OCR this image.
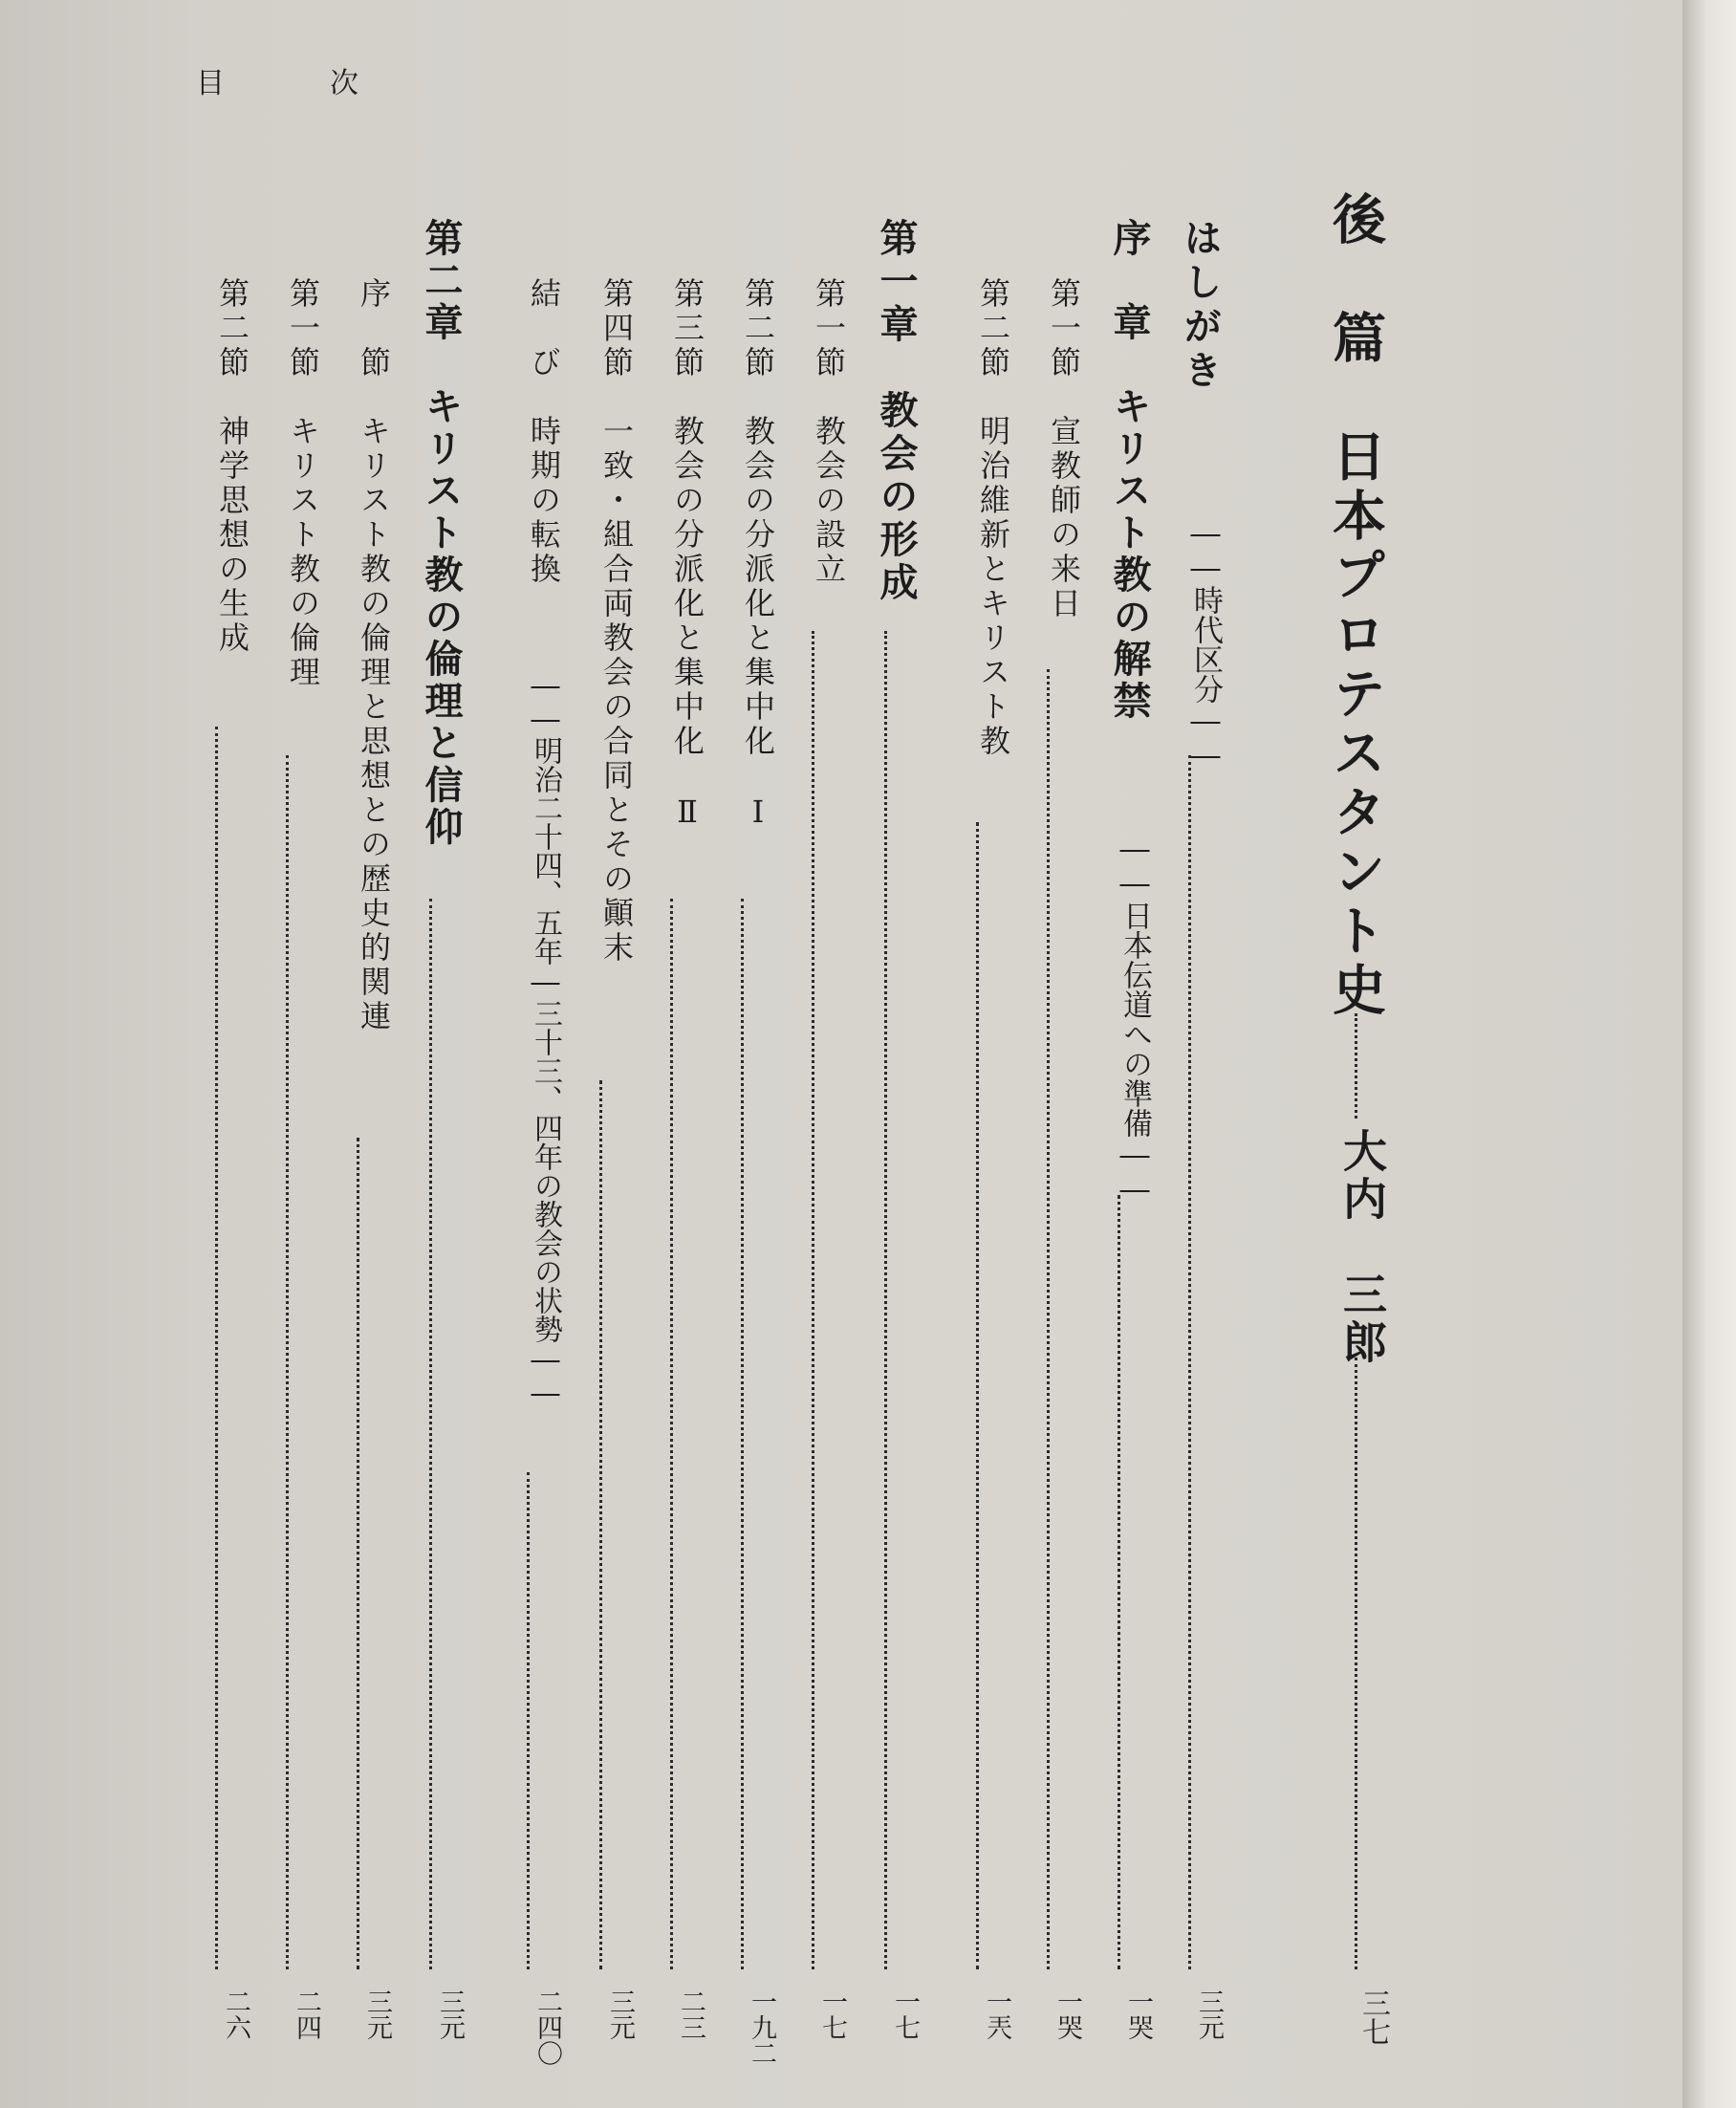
目	次
後　篇　日本プロテスタント史
大内　三郎
三七
はしがき
――時代区分――
三元
序　章　キリスト教の解禁
――日本伝道への準備――
一哭
第一節　宣教師の来日
一哭
第二節　明治維新とキリスト教
一兲
第一章　教会の形成
一七
第一節　教会の設立
一七
第二節　教会の分派化と集中化　Ⅰ
一九二
第三節　教会の分派化と集中化　Ⅱ
二三
第四節　一致・組合両教会の合同とその顚末
三元
結　び　時期の転換
――明治二十四、五年―三十三、四年の教会の状勢――
二四〇
第二章　キリスト教の倫理と信仰
三元
序　節　キリスト教の倫理と思想との歴史的関連
三元
第一節　キリスト教の倫理
二四
第二節　神学思想の生成
二六
